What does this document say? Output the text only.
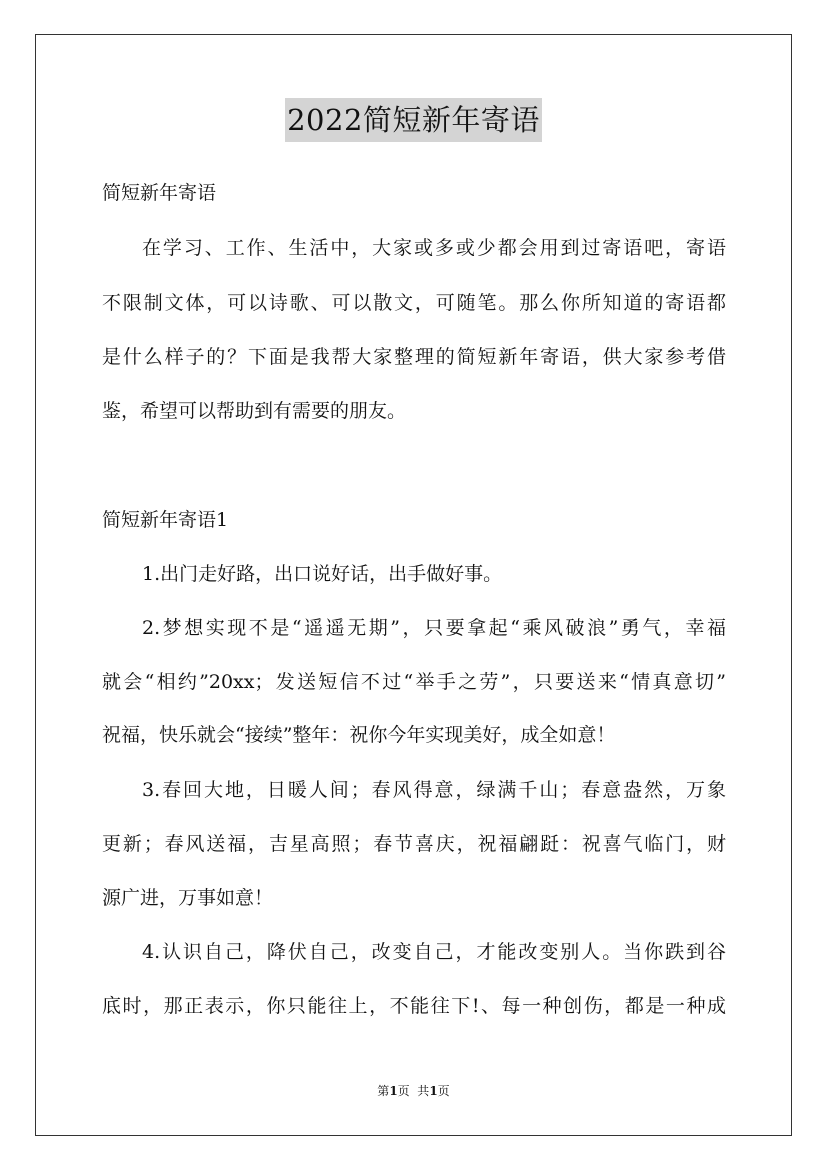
2022简短新年寄语
简短新年寄语
在学习、工作、生活中，大家或多或少都会用到过寄语吧，寄语
不限制文体，可以诗歌、可以散文，可随笔。那么你所知道的寄语都
是什么样子的？下面是我帮大家整理的简短新年寄语，供大家参考借
鉴，希望可以帮助到有需要的朋友。
简短新年寄语1
1.出门走好路，出口说好话，出手做好事。
2.梦想实现不是“遥遥无期”，只要拿起“乘风破浪”勇气，幸福
就会“相约”20xx；发送短信不过“举手之劳”，只要送来“情真意切”
祝福，快乐就会“接续”整年：祝你今年实现美好，成全如意！
3.春回大地，日暖人间；春风得意，绿满千山；春意盎然，万象
更新；春风送福，吉星高照；春节喜庆，祝福翩跹：祝喜气临门，财
源广进，万事如意！
4.认识自己，降伏自己，改变自己，才能改变别人。当你跌到谷
底时，那正表示，你只能往上，不能往下!、每一种创伤，都是一种成
第1页  共1页
